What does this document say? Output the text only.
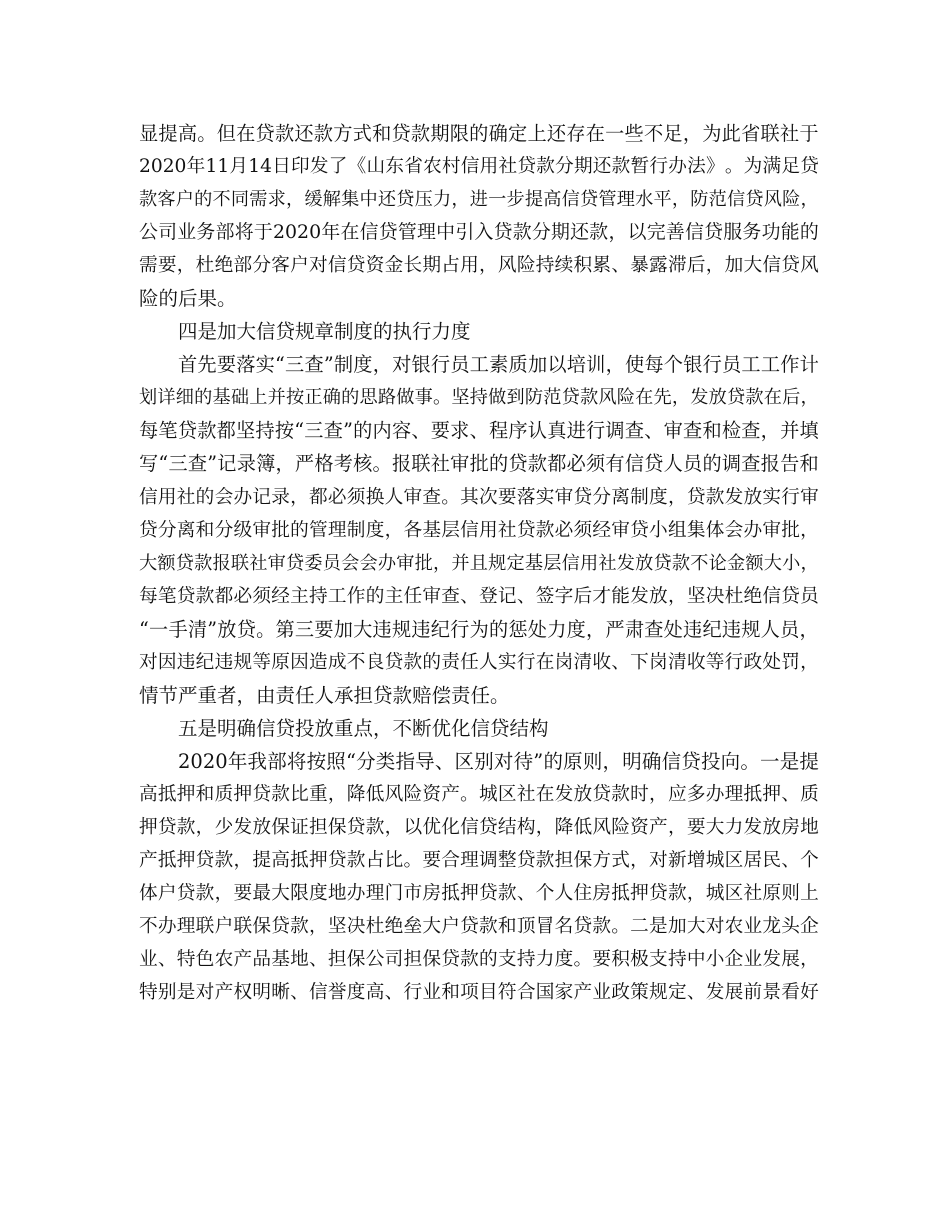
显 提 高 。 但 在 贷 款 还 款 方 式 和 贷 款 期 限 的 确 定 上 还 存 在 一 些 不 足 ， 为 此 省 联 社 于
2020 年 11 月 14 日 印 发 了 《 山 东 省 农 村 信 用 社 贷 款 分 期 还 款 暂 行 办 法 》 。 为 满 足 贷
款 客 户 的 不 同 需 求 ， 缓 解 集 中 还 贷 压 力 ， 进 一 步 提 高 信 贷 管 理 水 平 ， 防 范 信 贷 风 险 ，
公 司 业 务 部 将 于 2020 年 在 信 贷 管 理 中 引 入 贷 款 分 期 还 款 ， 以 完 善 信 贷 服 务 功 能 的
需 要 ， 杜 绝 部 分 客 户 对 信 贷 资 金 长 期 占 用 ， 风 险 持 续 积 累 、 暴 露 滞 后 ， 加 大 信 贷 风
险的后果。
四是加大信贷规章制度的执行力度
首 先 要 落 实 “ 三 查 ” 制 度 ， 对 银 行 员 工 素 质 加 以 培 训 ， 使 每 个 银 行 员 工 工 作 计
划 详 细 的 基 础 上 并 按 正 确 的 思 路 做 事 。 坚 持 做 到 防 范 贷 款 风 险 在 先 ， 发 放 贷 款 在 后 ，
每 笔 贷 款 都 坚 持 按 “ 三 查 ” 的 内 容 、 要 求 、 程 序 认 真 进 行 调 查 、 审 查 和 检 查 ， 并 填
写 “ 三 查 ” 记 录 簿 ， 严 格 考 核 。 报 联 社 审 批 的 贷 款 都 必 须 有 信 贷 人 员 的 调 查 报 告 和
信 用 社 的 会 办 记 录 ， 都 必 须 换 人 审 查 。 其 次 要 落 实 审 贷 分 离 制 度 ， 贷 款 发 放 实 行 审
贷 分 离 和 分 级 审 批 的 管 理 制 度 ， 各 基 层 信 用 社 贷 款 必 须 经 审 贷 小 组 集 体 会 办 审 批 ，
大 额 贷 款 报 联 社 审 贷 委 员 会 会 办 审 批 ， 并 且 规 定 基 层 信 用 社 发 放 贷 款 不 论 金 额 大 小 ，
每 笔 贷 款 都 必 须 经 主 持 工 作 的 主 任 审 查 、 登 记 、 签 字 后 才 能 发 放 ， 坚 决 杜 绝 信 贷 员
“ 一 手 清 ” 放 贷 。 第 三 要 加 大 违 规 违 纪 行 为 的 惩 处 力 度 ， 严 肃 查 处 违 纪 违 规 人 员 ，
对 因 违 纪 违 规 等 原 因 造 成 不 良 贷 款 的 责 任 人 实 行 在 岗 清 收 、 下 岗 清 收 等 行 政 处 罚 ，
情节严重者，由责任人承担贷款赔偿责任。
五是明确信贷投放重点，不断优化信贷结构
2020 年 我 部 将 按 照 “ 分 类 指 导 、 区 别 对 待 ” 的 原 则 ， 明 确 信 贷 投 向 。 一 是 提
高 抵 押 和 质 押 贷 款 比 重 ， 降 低 风 险 资 产 。 城 区 社 在 发 放 贷 款 时 ， 应 多 办 理 抵 押 、 质
押 贷 款 ， 少 发 放 保 证 担 保 贷 款 ， 以 优 化 信 贷 结 构 ， 降 低 风 险 资 产 ， 要 大 力 发 放 房 地
产 抵 押 贷 款 ， 提 高 抵 押 贷 款 占 比 。 要 合 理 调 整 贷 款 担 保 方 式 ， 对 新 增 城 区 居 民 、 个
体 户 贷 款 ， 要 最 大 限 度 地 办 理 门 市 房 抵 押 贷 款 、 个 人 住 房 抵 押 贷 款 ， 城 区 社 原 则 上
不 办 理 联 户 联 保 贷 款 ， 坚 决 杜 绝 垒 大 户 贷 款 和 顶 冒 名 贷 款 。 二 是 加 大 对 农 业 龙 头 企
业 、 特 色 农 产 品 基 地 、 担 保 公 司 担 保 贷 款 的 支 持 力 度 。 要 积 极 支 持 中 小 企 业 发 展 ，
特 别 是 对 产 权 明 晰 、 信 誉 度 高 、 行 业 和 项 目 符 合 国 家 产 业 政 策 规 定 、 发 展 前 景 看 好
